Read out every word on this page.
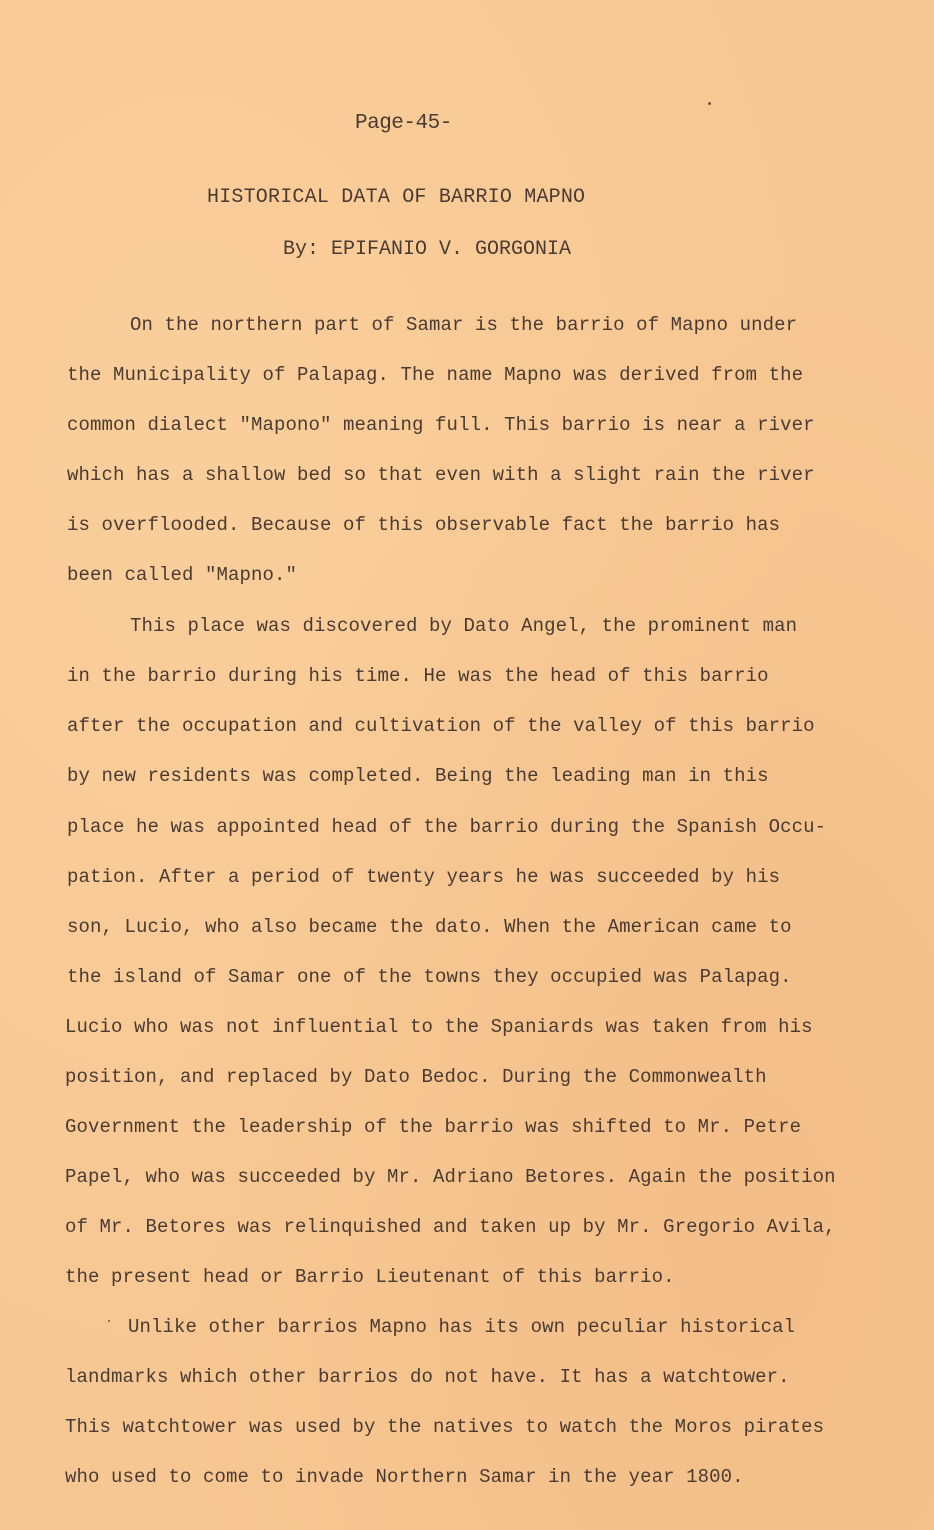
Page-45-
HISTORICAL DATA OF BARRIO MAPNO
By: EPIFANIO V. GORGONIA
On the northern part of Samar is the barrio of Mapno under
the Municipality of Palapag. The name Mapno was derived from the
common dialect "Mapono" meaning full. This barrio is near a river
which has a shallow bed so that even with a slight rain the river
is overflooded. Because of this observable fact the barrio has
been called "Mapno."
This place was discovered by Dato Angel, the prominent man
in the barrio during his time. He was the head of this barrio
after the occupation and cultivation of the valley of this barrio
by new residents was completed. Being the leading man in this
place he was appointed head of the barrio during the Spanish Occu-
pation. After a period of twenty years he was succeeded by his
son, Lucio, who also became the dato. When the American came to
the island of Samar one of the towns they occupied was Palapag.
Lucio who was not influential to the Spaniards was taken from his
position, and replaced by Dato Bedoc. During the Commonwealth
Government the leadership of the barrio was shifted to Mr. Petre
Papel, who was succeeded by Mr. Adriano Betores. Again the position
of Mr. Betores was relinquished and taken up by Mr. Gregorio Avila,
the present head or Barrio Lieutenant of this barrio.
Unlike other barrios Mapno has its own peculiar historical
landmarks which other barrios do not have. It has a watchtower.
This watchtower was used by the natives to watch the Moros pirates
who used to come to invade Northern Samar in the year 1800.
